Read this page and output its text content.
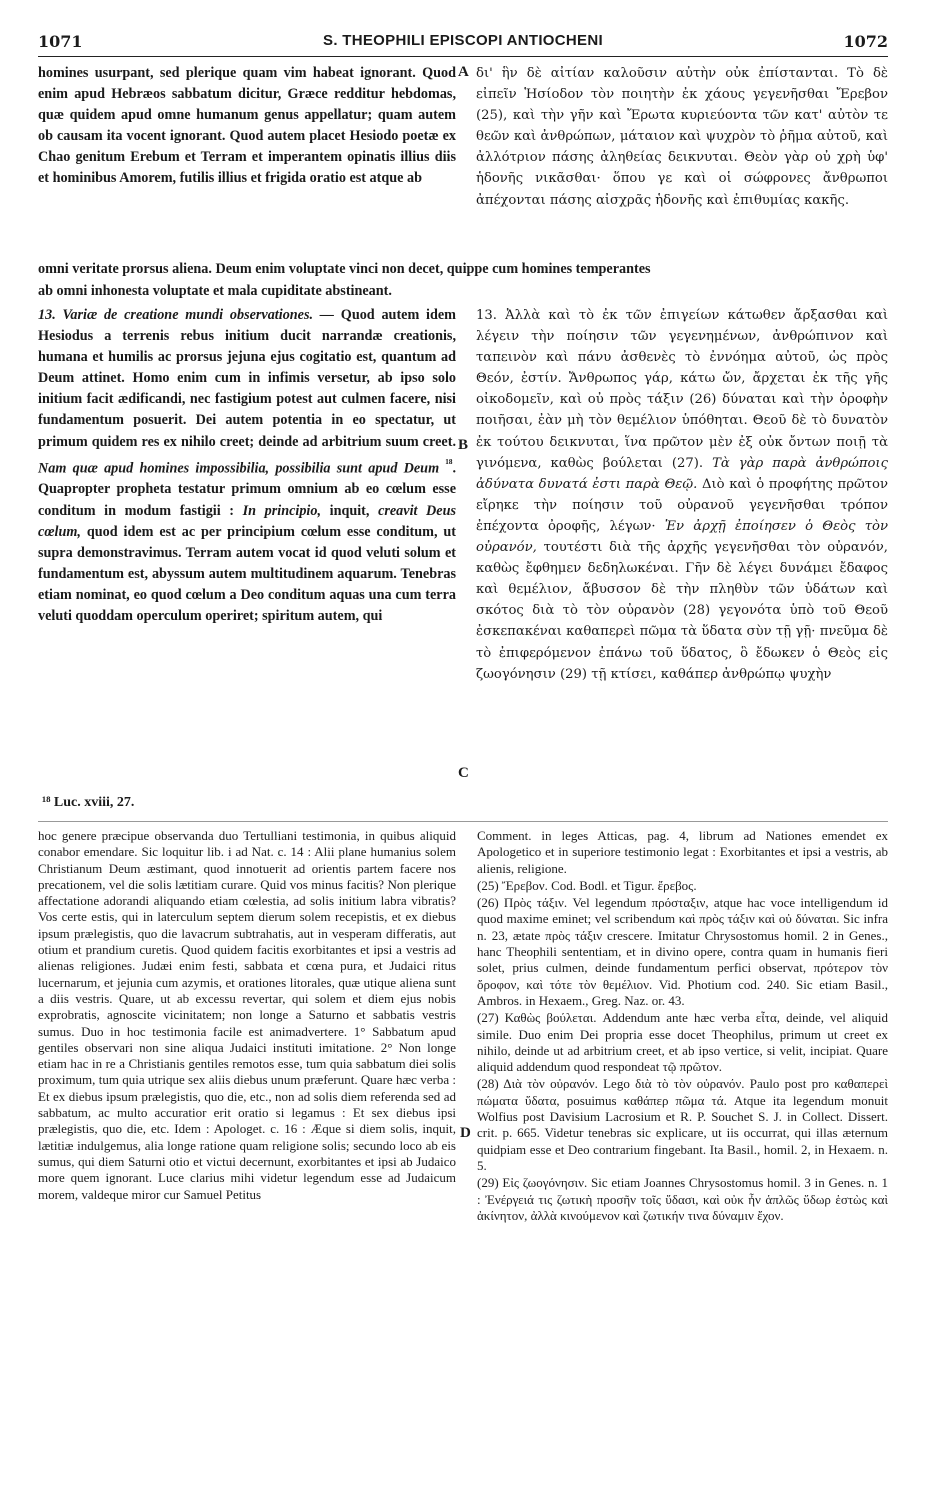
1071	S. THEOPHILI EPISCOPI ANTIOCHENI	1072

homines usurpant, sed plerique quam vim habeat ignorant. Quod enim apud Hebræos sabbatum dicitur, Græce redditur hebdomas, quæ quidem apud omne humanum genus appellatur; quam autem ob causam ita vocent ignorant. Quod autem placet Hesiodo poetæ ex Chao genitum Erebum et Terram et imperantem opinatis illius diis et hominibus Amorem, futilis illius et frigida oratio est atque ab

A δι' ἣν δὲ αἰτίαν καλοῦσιν αὐτὴν οὐκ ἐπίστανται. Τὸ δὲ εἰπεῖν Ἡσίοδον τὸν ποιητὴν ἐκ χάους γεγενῆσθαι Ἔρεβον (25), καὶ τὴν γῆν καὶ Ἔρωτα κυριεύοντα τῶν κατ' αὐτὸν τε θεῶν καὶ ἀνθρώπων, μάταιον καὶ ψυχρὸν τὸ ῥῆμα αὐτοῦ, καὶ ἀλλότριον πάσης ἀληθείας δεικνυται. Θεὸν γὰρ οὐ χρὴ ὑφ' ἡδονῆς νικᾶσθαι· ὅπου γε καὶ οἱ σώφρονες ἄνθρωποι ἀπέχονται πάσης αἰσχρᾶς ἡδονῆς καὶ ἐπιθυμίας κακῆς.

omni veritate prorsus aliena. Deum enim voluptate vinci non decet, quippe cum homines temperantes
ab omni inhonesta voluptate et mala cupiditate abstineant.

13. Variæ de creatione mundi observationes. — Quod autem idem Hesiodus a terrenis rebus initium ducit narrandæ creationis, humana et humilis ac prorsus jejuna ejus cogitatio est, quantum ad Deum attinet. Homo enim cum in infimis versetur, ab ipso solo initium facit ædificandi, nec fastigium potest aut culmen facere, nisi fundamentum posuerit. Dei autem potentia in eo spectatur, ut primum quidem res ex nihilo creet; deinde ad arbitrium suum creet. Nam quæ apud homines impossibilia, possibilia sunt apud Deum $^{^{18}}$. Quapropter propheta testatur primum omnium ab eo cœlum esse conditum in modum fastigii : In principio, inquit, creavit Deus cœlum, quod idem est ac per principium cœlum esse conditum, ut supra demonstravimus. Terram autem vocat id quod veluti solum et fundamentum est, abyssum autem multitudinem aquarum. Tenebras etiam nominat, eo quod cœlum a Deo conditum aquas una cum terra veluti quoddam operculum operiret; spiritum autem, qui

B
C

13. Ἀλλὰ καὶ τὸ ἐκ τῶν ἐπιγείων κάτωθεν ἄρξασθαι καὶ λέγειν τὴν ποίησιν τῶν γεγενημένων, ἀνθρώπινον καὶ ταπεινὸν καὶ πάνυ ἀσθενὲς τὸ ἐννόημα αὐτοῦ, ὡς πρὸς Θεόν, ἐστίν. Ἄνθρωπος γάρ, κάτω ὤν, ἄρχεται ἐκ τῆς γῆς οἰκοδομεῖν, καὶ οὐ πρὸς τάξιν (26) δύναται καὶ τὴν ὀροφὴν ποιῆσαι, ἐὰν μὴ τὸν θεμέλιον ὑπόθηται. Θεοῦ δὲ τὸ δυνατὸν ἐκ τούτου δεικνυται, ἵνα πρῶτον μὲν ἐξ οὐκ ὄντων ποιῇ τὰ γινόμενα, καθὼς βούλεται (27). Τὰ γὰρ παρὰ ἀνθρώποις ἀδύνατα δυνατά ἐστι παρὰ Θεῷ. Διὸ καὶ ὁ προφήτης πρῶτον εἴρηκε τὴν ποίησιν τοῦ οὐρανοῦ γεγενῆσθαι τρόπον ἐπέχοντα ὀροφῆς, λέγων· Ἐν ἀρχῇ ἐποίησεν ὁ Θεὸς τὸν οὐρανόν, τουτέστι διὰ τῆς ἀρχῆς γεγενῆσθαι τὸν οὐρανόν, καθὼς ἔφθημεν δεδηλωκέναι. Γῆν δὲ λέγει δυνάμει ἔδαφος καὶ θεμέλιον, ἄβυσσον δὲ τὴν πληθὺν τῶν ὑδάτων καὶ σκότος διὰ τὸ τὸν οὐρανὸν (28) γεγονότα ὑπὸ τοῦ Θεοῦ ἐσκεπακέναι καθαπερεὶ πῶμα τὰ ὕδατα σὺν τῇ γῇ· πνεῦμα δὲ τὸ ἐπιφερόμενον ἐπάνω τοῦ ὕδατος, ὃ ἔδωκεν ὁ Θεὸς εἰς ζωογόνησιν (29) τῇ κτίσει, καθάπερ ἀνθρώπῳ ψυχὴν

¹⁸ Luc. xviii, 27.

hoc genere præcipue observanda duo Tertulliani testimonia, in quibus aliquid conabor emendare. Sic loquitur lib. i ad Nat. c. 14 : Alii plane humanius solem Christianum Deum æstimant, quod innotuerit ad orientis partem facere nos precationem, vel die solis lætitiam curare. Quid vos minus facitis? Non plerique affectatione adorandi aliquando etiam cœlestia, ad solis initium labra vibratis? Vos certe estis, qui in laterculum septem dierum solem recepistis, et ex diebus ipsum prælegistis, quo die lavacrum subtrahatis, aut in vesperam differatis, aut otium et prandium curetis. Quod quidem facitis exorbitantes et ipsi a vestris ad alienas religiones. Judæi enim festi, sabbata et cœna pura, et Judaici ritus lucernarum, et jejunia cum azymis, et orationes litorales, quæ utique aliena sunt a diis vestris. Quare, ut ab excessu revertar, qui solem et diem ejus nobis exprobratis, agnoscite vicinitatem; non longe a Saturno et sabbatis vestris sumus. Duo in hoc testimonia facile est animadvertere. 1° Sabbatum apud gentiles observari non sine aliqua Judaici instituti imitatione. 2° Non longe etiam hac in re a Christianis gentiles remotos esse, tum quia sabbatum diei solis proximum, tum quia utrique sex aliis diebus unum præferunt. Quare hæc verba : Et ex diebus ipsum prælegistis, quo die, etc., non ad solis diem referenda sed ad sabbatum, ac multo accuratior erit oratio si legamus : Et sex diebus ipsi prælegistis, quo die, etc. Idem : Apologet. c. 16 : Æque si diem solis, inquit, lætitiæ indulgemus, alia longe ratione quam religione solis; secundo loco ab eis sumus, qui diem Saturni otio et victui decernunt, exorbitantes et ipsi ab Judaico more quem ignorant. Luce clarius mihi videtur legendum esse ad Judaicum morem, valdeque miror cur Samuel Petitus

D

Comment. in leges Atticas, pag. 4, librum ad Nationes emendet ex Apologetico et in superiore testimonio legat : Exorbitantes et ipsi a vestris, ab alienis, religione.

(25) Ἔρεβον. Cod. Bodl. et Tigur. ἔρεβος.

(26) Πρὸς τάξιν. Vel legendum πρόσταξιν, atque hac voce intelligendum id quod maxime eminet; vel scribendum καὶ πρὸς τάξιν καὶ οὐ δύναται. Sic infra n. 23, ætate πρὸς τάξιν crescere. Imitatur Chrysostomus homil. 2 in Genes., hanc Theophili sententiam, et in divino opere, contra quam in humanis fieri solet, prius culmen, deinde fundamentum perfici observat, πρότερον τὸν ὄροφον, καὶ τότε τὸν θεμέλιον. Vid. Photium cod. 240. Sic etiam Basil., Ambros. in Hexaem., Greg. Naz. or. 43.

(27) Καθὼς βούλεται. Addendum ante hæc verba εἶτα, deinde, vel aliquid simile. Duo enim Dei propria esse docet Theophilus, primum ut creet ex nihilo, deinde ut ad arbitrium creet, et ab ipso vertice, si velit, incipiat. Quare aliquid addendum quod respondeat τῷ πρῶτον.

(28) Διὰ τὸν οὐρανόν. Lego διὰ τὸ τὸν οὐρανόν. Paulo post pro καθαπερεὶ πώματα ὕδατα, posuimus καθάπερ πῶμα τά. Atque ita legendum monuit Wolfius post Davisium Lacrosium et R. P. Souchet S. J. in Collect. Dissert. crit. p. 665. Videtur tenebras sic explicare, ut iis occurrat, qui illas æternum quidpiam esse et Deo contrarium fingebant. Ita Basil., homil. 2, in Hexaem. n. 5.

(29) Εἰς ζωογόνησιν. Sic etiam Joannes Chrysostomus homil. 3 in Genes. n. 1 : Ἐνέργειά τις ζωτικὴ προσῆν τοῖς ὕδασι, καὶ οὐκ ἦν ἁπλῶς ὕδωρ ἑστὼς καὶ ἀκίνητον, ἀλλὰ κινούμενον καὶ ζωτικήν τινα δύναμιν ἔχον.
